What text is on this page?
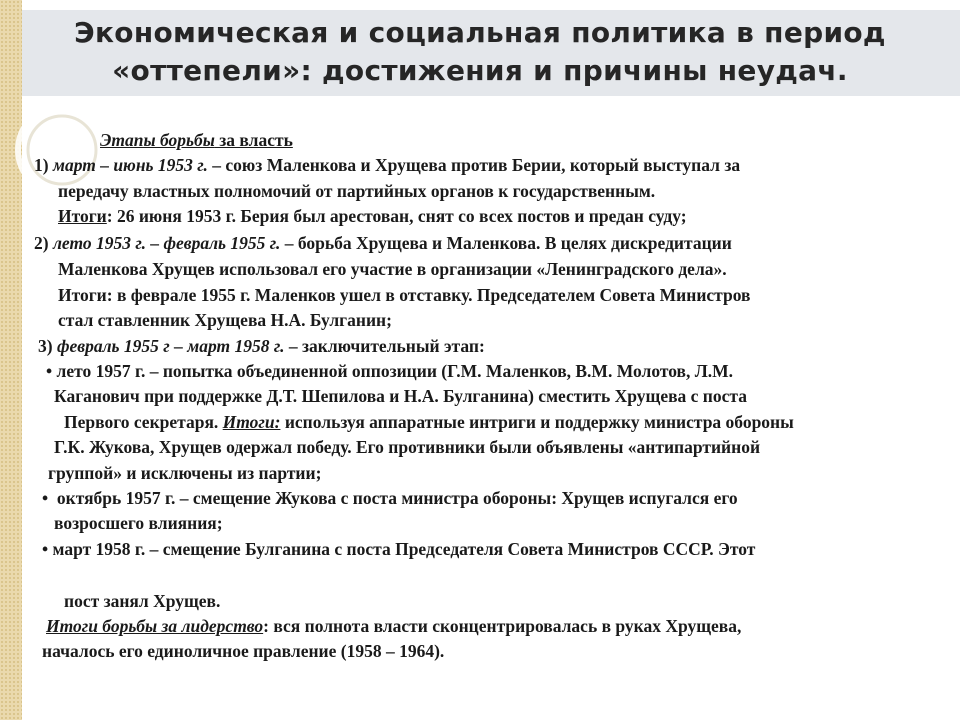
Экономическая и социальная политика в период
«оттепели»: достижения и причины неудач.
Этапы борьбы за власть
1) март – июнь 1953 г. – союз Маленкова и Хрущева против Берии, который выступал за
передачу властных полномочий от партийных органов к государственным.
Итоги: 26 июня 1953 г. Берия был арестован, снят со всех постов и предан суду;
2) лето 1953 г. – февраль 1955 г. – борьба Хрущева и Маленкова. В целях дискредитации
Маленкова Хрущев использовал его участие в организации «Ленинградского дела».
Итоги: в феврале 1955 г. Маленков ушел в отставку. Председателем Совета Министров
стал ставленник Хрущева Н.А. Булганин;
3) февраль 1955 г – март 1958 г. – заключительный этап:
• лето 1957 г. – попытка объединенной оппозиции (Г.М. Маленков, В.М. Молотов, Л.М.
Каганович при поддержке Д.Т. Шепилова и Н.А. Булганина) сместить Хрущева с поста
Первого секретаря. Итоги: используя аппаратные интриги и поддержку министра обороны
Г.К. Жукова, Хрущев одержал победу. Его противники были объявлены «антипартийной
группой» и исключены из партии;
• октябрь 1957 г. – смещение Жукова с поста министра обороны: Хрущев испугался его
возросшего влияния;
• март 1958 г. – смещение Булганина с поста Председателя Совета Министров СССР. Этот
пост занял Хрущев.
Итоги борьбы за лидерство: вся полнота власти сконцентрировалась в руках Хрущева,
началось его единоличное правление (1958 – 1964).
